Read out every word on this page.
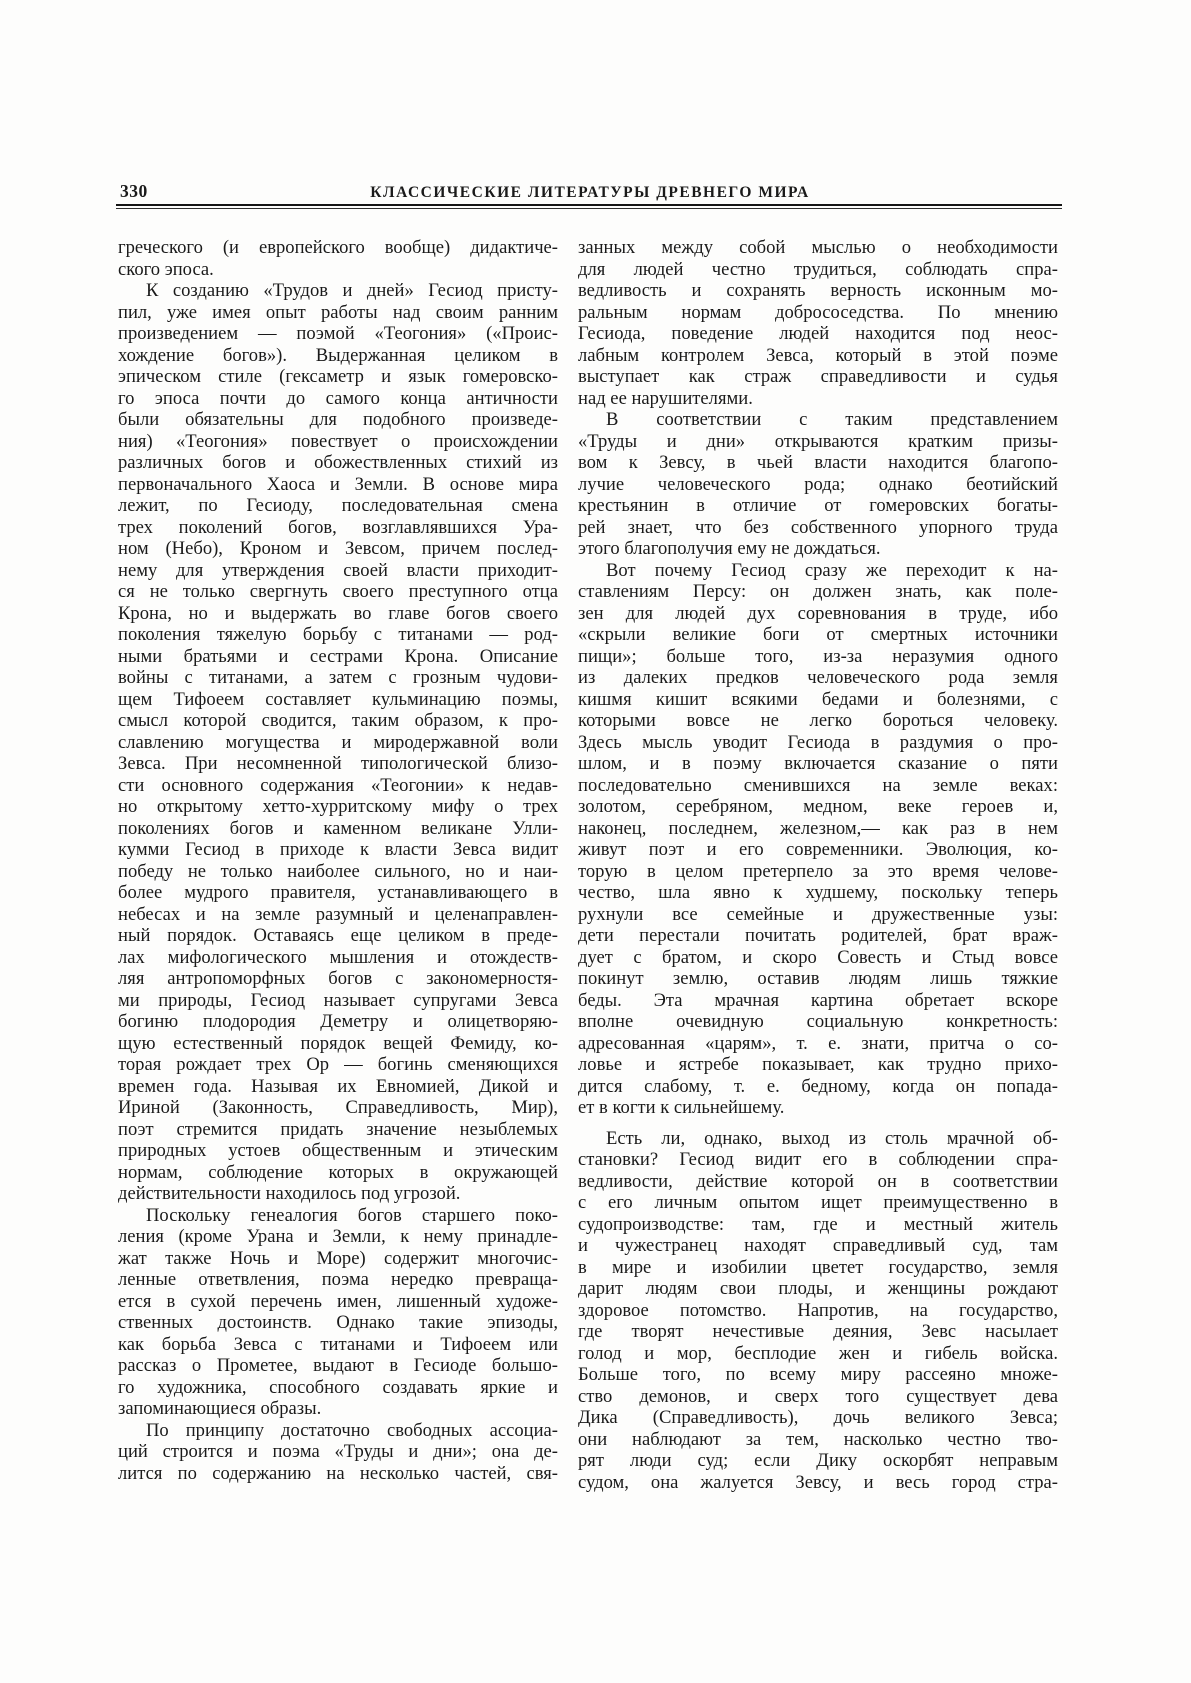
330	КЛАССИЧЕСКИЕ ЛИТЕРАТУРЫ ДРЕВНЕГО МИРА
греческого (и европейского вообще) дидактиче-
ского эпоса.
К созданию «Трудов и дней» Гесиод присту-
пил, уже имея опыт работы над своим ранним
произведением — поэмой «Теогония» («Проис-
хождение богов»). Выдержанная целиком в
эпическом стиле (гексаметр и язык гомеровско-
го эпоса почти до самого конца античности
были обязательны для подобного произведе-
ния) «Теогония» повествует о происхождении
различных богов и обожествленных стихий из
первоначального Хаоса и Земли. В основе мира
лежит, по Гесиоду, последовательная смена
трех поколений богов, возглавлявшихся Ура-
ном (Небо), Кроном и Зевсом, причем послед-
нему для утверждения своей власти приходит-
ся не только свергнуть своего преступного отца
Крона, но и выдержать во главе богов своего
поколения тяжелую борьбу с титанами — род-
ными братьями и сестрами Крона. Описание
войны с титанами, а затем с грозным чудови-
щем Тифоеем составляет кульминацию поэмы,
смысл которой сводится, таким образом, к про-
славлению могущества и миродержавной воли
Зевса. При несомненной типологической близо-
сти основного содержания «Теогонии» к недав-
но открытому хетто-хурритскому мифу о трех
поколениях богов и каменном великане Улли-
кумми Гесиод в приходе к власти Зевса видит
победу не только наиболее сильного, но и наи-
более мудрого правителя, устанавливающего в
небесах и на земле разумный и целенаправлен-
ный порядок. Оставаясь еще целиком в преде-
лах мифологического мышления и отождеств-
ляя антропоморфных богов с закономерностя-
ми природы, Гесиод называет супругами Зевса
богиню плодородия Деметру и олицетворяю-
щую естественный порядок вещей Фемиду, ко-
торая рождает трех Ор — богинь сменяющихся
времен года. Называя их Евномией, Дикой и
Ириной (Законность, Справедливость, Мир),
поэт стремится придать значение незыблемых
природных устоев общественным и этическим
нормам, соблюдение которых в окружающей
действительности находилось под угрозой.
Поскольку генеалогия богов старшего поко-
ления (кроме Урана и Земли, к нему принадле-
жат также Ночь и Море) содержит многочис-
ленные ответвления, поэма нередко превраща-
ется в сухой перечень имен, лишенный художе-
ственных достоинств. Однако такие эпизоды,
как борьба Зевса с титанами и Тифоеем или
рассказ о Прометее, выдают в Гесиоде большо-
го художника, способного создавать яркие и
запоминающиеся образы.
По принципу достаточно свободных ассоциа-
ций строится и поэма «Труды и дни»; она де-
лится по содержанию на несколько частей, свя-
занных между собой мыслью о необходимости
для людей честно трудиться, соблюдать спра-
ведливость и сохранять верность исконным мо-
ральным нормам добрососедства. По мнению
Гесиода, поведение людей находится под неос-
лабным контролем Зевса, который в этой поэме
выступает как страж справедливости и судья
над ее нарушителями.
В соответствии с таким представлением
«Труды и дни» открываются кратким призы-
вом к Зевсу, в чьей власти находится благопо-
лучие человеческого рода; однако беотийский
крестьянин в отличие от гомеровских богаты-
рей знает, что без собственного упорного труда
этого благополучия ему не дождаться.
Вот почему Гесиод сразу же переходит к на-
ставлениям Персу: он должен знать, как поле-
зен для людей дух соревнования в труде, ибо
«скрыли великие боги от смертных источники
пищи»; больше того, из-за неразумия одного
из далеких предков человеческого рода земля
кишмя кишит всякими бедами и болезнями, с
которыми вовсе не легко бороться человеку.
Здесь мысль уводит Гесиода в раздумия о про-
шлом, и в поэму включается сказание о пяти
последовательно сменившихся на земле веках:
золотом, серебряном, медном, веке героев и,
наконец, последнем, железном,— как раз в нем
живут поэт и его современники. Эволюция, ко-
торую в целом претерпело за это время челове-
чество, шла явно к худшему, поскольку теперь
рухнули все семейные и дружественные узы:
дети перестали почитать родителей, брат враж-
дует с братом, и скоро Совесть и Стыд вовсе
покинут землю, оставив людям лишь тяжкие
беды. Эта мрачная картина обретает вскоре
вполне очевидную социальную конкретность:
адресованная «царям», т. е. знати, притча о со-
ловье и ястребе показывает, как трудно прихо-
дится слабому, т. е. бедному, когда он попада-
ет в когти к сильнейшему.
Есть ли, однако, выход из столь мрачной об-
становки? Гесиод видит его в соблюдении спра-
ведливости, действие которой он в соответствии
с его личным опытом ищет преимущественно в
судопроизводстве: там, где и местный житель
и чужестранец находят справедливый суд, там
в мире и изобилии цветет государство, земля
дарит людям свои плоды, и женщины рождают
здоровое потомство. Напротив, на государство,
где творят нечестивые деяния, Зевс насылает
голод и мор, бесплодие жен и гибель войска.
Больше того, по всему миру рассеяно множе-
ство демонов, и сверх того существует дева
Дика (Справедливость), дочь великого Зевса;
они наблюдают за тем, насколько честно тво-
рят люди суд; если Дику оскорбят неправым
судом, она жалуется Зевсу, и весь город стра-
